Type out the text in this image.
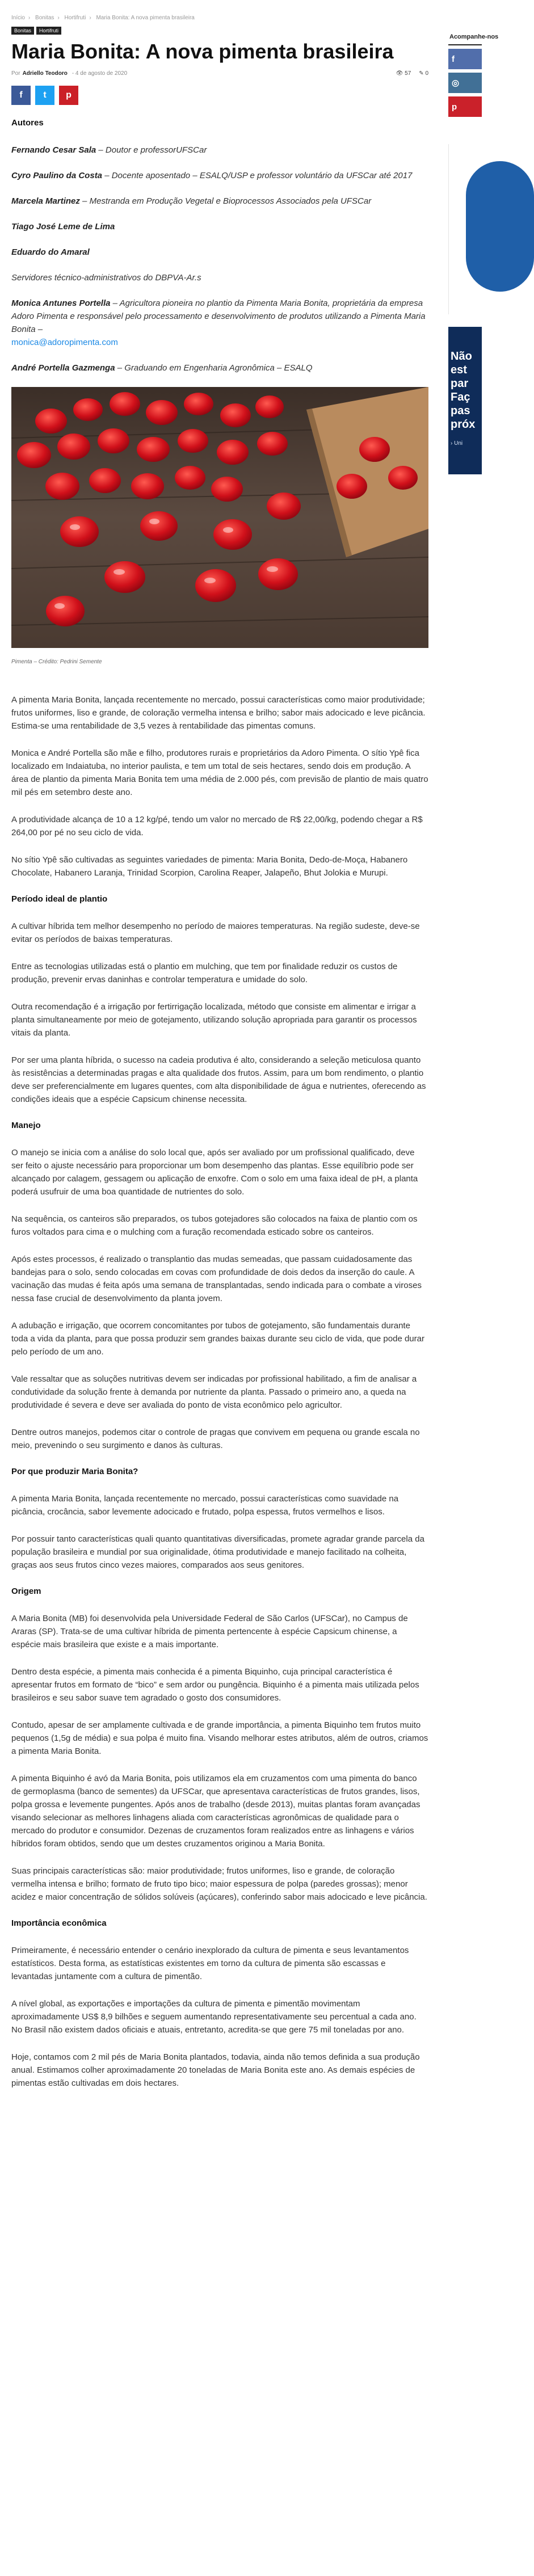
Início › Bonitas › Hortifruti › Maria Bonita: A nova pimenta brasileira
Bonitas	Hortifruti
Maria Bonita: A nova pimenta brasileira
Por Adriello Teodoro - 4 de agosto de 2020	👁 57 ✎ 0
f t p
Autores

Fernando Cesar Sala – Doutor e professorUFSCar

Cyro Paulino da Costa – Docente aposentado – ESALQ/USP e professor voluntário da UFSCar até 2017

Marcela Martinez – Mestranda em Produção Vegetal e Bioprocessos Associados pela UFSCar

Tiago José Leme de Lima

Eduardo do Amaral

Servidores técnico-administrativos do DBPVA-Ar.s

Monica Antunes Portella – Agricultora pioneira no plantio da Pimenta Maria Bonita, proprietária da empresa Adoro Pimenta e responsável pelo processamento e desenvolvimento de produtos utilizando a Pimenta Maria Bonita –
monica@adoropimenta.com

André Portella Gazmenga – Graduando em Engenharia Agronômica – ESALQ

Pimenta – Crédito: Pedrini Semente

A pimenta Maria Bonita, lançada recentemente no mercado, possui características como maior produtividade; frutos uniformes, liso e grande, de coloração vermelha intensa e brilho; sabor mais adocicado e leve picância. Estima-se uma rentabilidade de 3,5 vezes à rentabilidade das pimentas comuns.

Monica e André Portella são mãe e filho, produtores rurais e proprietários da Adoro Pimenta. O sítio Ypê fica localizado em Indaiatuba, no interior paulista, e tem um total de seis hectares, sendo dois em produção. A área de plantio da pimenta Maria Bonita tem uma média de 2.000 pés, com previsão de plantio de mais quatro mil pés em setembro deste ano.

A produtividade alcança de 10 a 12 kg/pé, tendo um valor no mercado de R$ 22,00/kg, podendo chegar a R$ 264,00 por pé no seu ciclo de vida.

No sítio Ypê são cultivadas as seguintes variedades de pimenta: Maria Bonita, Dedo-de-Moça, Habanero Chocolate, Habanero Laranja, Trinidad Scorpion, Carolina Reaper, Jalapeño, Bhut Jolokia e Murupi.

Período ideal de plantio

A cultivar híbrida tem melhor desempenho no período de maiores temperaturas. Na região sudeste, deve-se evitar os períodos de baixas temperaturas.

Entre as tecnologias utilizadas está o plantio em mulching, que tem por finalidade reduzir os custos de produção, prevenir ervas daninhas e controlar temperatura e umidade do solo.

Outra recomendação é a irrigação por fertirrigação localizada, método que consiste em alimentar e irrigar a planta simultaneamente por meio de gotejamento, utilizando solução apropriada para garantir os processos vitais da planta.

Por ser uma planta híbrida, o sucesso na cadeia produtiva é alto, considerando a seleção meticulosa quanto às resistências a determinadas pragas e alta qualidade dos frutos. Assim, para um bom rendimento, o plantio deve ser preferencialmente em lugares quentes, com alta disponibilidade de água e nutrientes, oferecendo as condições ideais que a espécie Capsicum chinense necessita.

Manejo

O manejo se inicia com a análise do solo local que, após ser avaliado por um profissional qualificado, deve ser feito o ajuste necessário para proporcionar um bom desempenho das plantas. Esse equilíbrio pode ser alcançado por calagem, gessagem ou aplicação de enxofre. Com o solo em uma faixa ideal de pH, a planta poderá usufruir de uma boa quantidade de nutrientes do solo.

Na sequência, os canteiros são preparados, os tubos gotejadores são colocados na faixa de plantio com os furos voltados para cima e o mulching com a furação recomendada esticado sobre os canteiros.

Após estes processos, é realizado o transplantio das mudas semeadas, que passam cuidadosamente das bandejas para o solo, sendo colocadas em covas com profundidade de dois dedos da inserção do caule. A vacinação das mudas é feita após uma semana de transplantadas, sendo indicada para o combate a viroses nessa fase crucial de desenvolvimento da planta jovem.

A adubação e irrigação, que ocorrem concomitantes por tubos de gotejamento, são fundamentais durante toda a vida da planta, para que possa produzir sem grandes baixas durante seu ciclo de vida, que pode durar pelo período de um ano.

Vale ressaltar que as soluções nutritivas devem ser indicadas por profissional habilitado, a fim de analisar a condutividade da solução frente à demanda por nutriente da planta. Passado o primeiro ano, a queda na produtividade é severa e deve ser avaliada do ponto de vista econômico pelo agricultor.

Dentre outros manejos, podemos citar o controle de pragas que convivem em pequena ou grande escala no meio, prevenindo o seu surgimento e danos às culturas.

Por que produzir Maria Bonita?

A pimenta Maria Bonita, lançada recentemente no mercado, possui características como suavidade na picância, crocância, sabor levemente adocicado e frutado, polpa espessa, frutos vermelhos e lisos.

Por possuir tanto características quali quanto quantitativas diversificadas, promete agradar grande parcela da população brasileira e mundial por sua originalidade, ótima produtividade e manejo facilitado na colheita, graças aos seus frutos cinco vezes maiores, comparados aos seus genitores.

Origem

A Maria Bonita (MB) foi desenvolvida pela Universidade Federal de São Carlos (UFSCar), no Campus de Araras (SP). Trata-se de uma cultivar híbrida de pimenta pertencente à espécie Capsicum chinense, a espécie mais brasileira que existe e a mais importante.

Dentro desta espécie, a pimenta mais conhecida é a pimenta Biquinho, cuja principal característica é apresentar frutos em formato de “bico” e sem ardor ou pungência. Biquinho é a pimenta mais utilizada pelos brasileiros e seu sabor suave tem agradado o gosto dos consumidores.

Contudo, apesar de ser amplamente cultivada e de grande importância, a pimenta Biquinho tem frutos muito pequenos (1,5g de média) e sua polpa é muito fina. Visando melhorar estes atributos, além de outros, criamos a pimenta Maria Bonita.

A pimenta Biquinho é avó da Maria Bonita, pois utilizamos ela em cruzamentos com uma pimenta do banco de germoplasma (banco de sementes) da UFSCar, que apresentava características de frutos grandes, lisos, polpa grossa e levemente pungentes. Após anos de trabalho (desde 2013), muitas plantas foram avançadas visando selecionar as melhores linhagens aliada com características agronômicas de qualidade para o mercado do produtor e consumidor. Dezenas de cruzamentos foram realizados entre as linhagens e vários híbridos foram obtidos, sendo que um destes cruzamentos originou a Maria Bonita.

Suas principais características são: maior produtividade; frutos uniformes, liso e grande, de coloração vermelha intensa e brilho; formato de fruto tipo bico; maior espessura de polpa (paredes grossas); menor acidez e maior concentração de sólidos solúveis (açúcares), conferindo sabor mais adocicado e leve picância.

Importância econômica

Primeiramente, é necessário entender o cenário inexplorado da cultura de pimenta e seus levantamentos estatísticos. Desta forma, as estatísticas existentes em torno da cultura de pimenta são escassas e levantadas juntamente com a cultura de pimentão.

A nível global, as exportações e importações da cultura de pimenta e pimentão movimentam aproximadamente US$ 8,9 bilhões e seguem aumentando representativamente seu percentual a cada ano. No Brasil não existem dados oficiais e atuais, entretanto, acredita-se que gere 75 mil toneladas por ano.

Hoje, contamos com 2 mil pés de Maria Bonita plantados, todavia, ainda não temos definida a sua produção anual. Estimamos colher aproximadamente 20 toneladas de Maria Bonita este ano. As demais espécies de pimentas estão cultivadas em dois hectares.

Acompanhe-nos
f
◎
p
Não
est
par
Faç
pas
próx
› Uni
